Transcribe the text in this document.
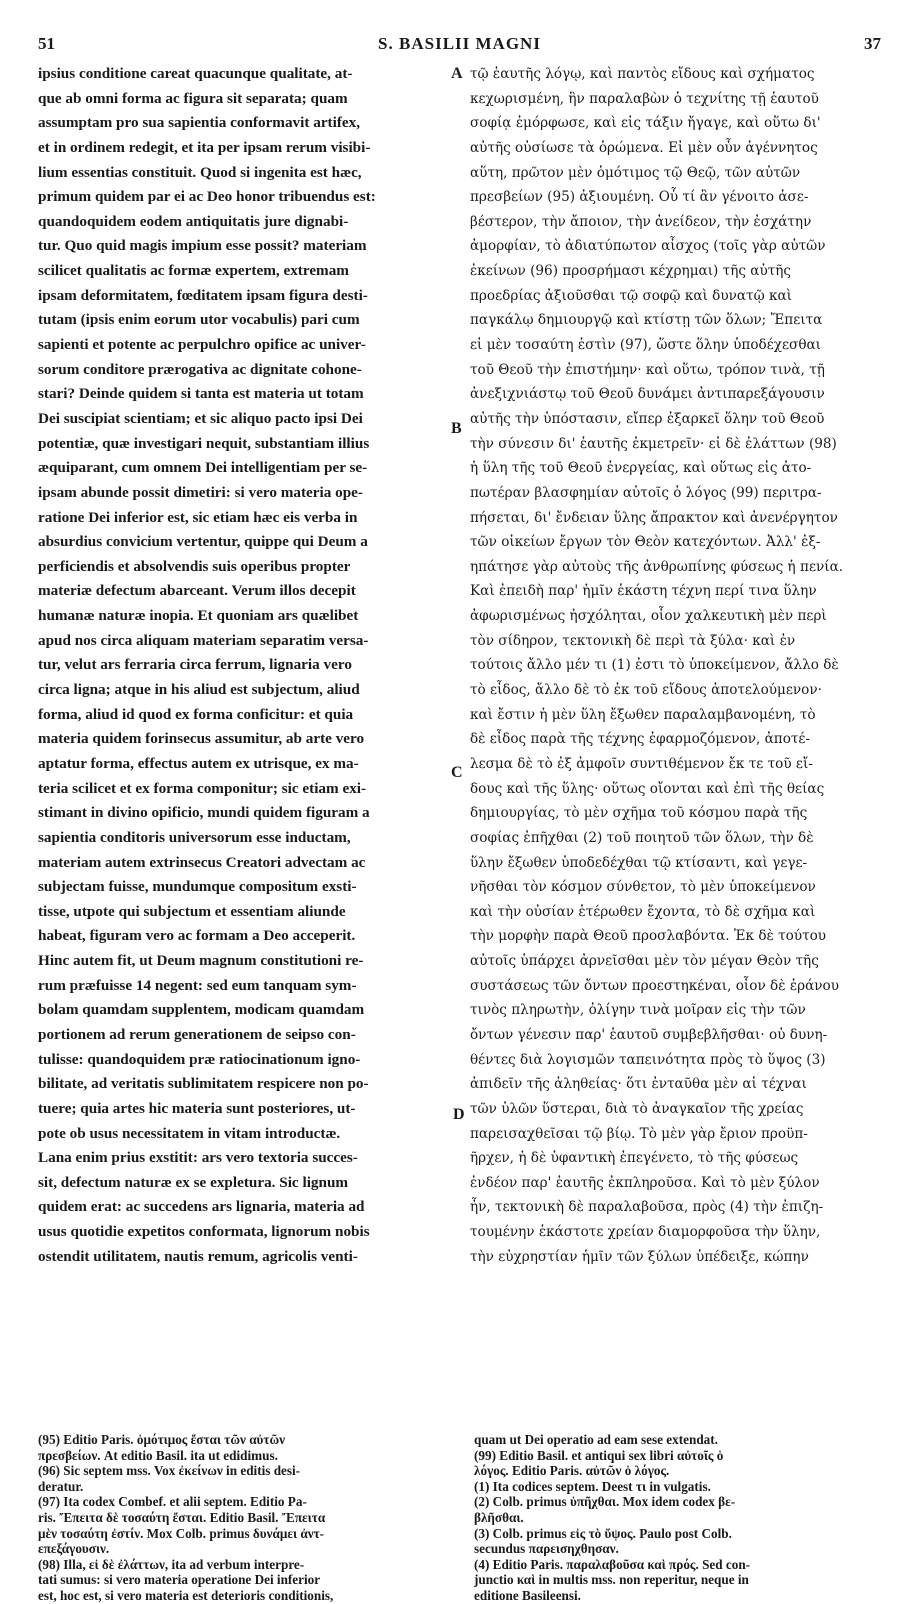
51	S. BASILII MAGNI	37
ipsius conditione careat quacunque qualitate, at-
que ab omni forma ac figura sit separata; quam
assumptam pro sua sapientia conformavit artifex,
et in ordinem redegit, et ita per ipsam rerum visibi-
lium essentias constituit. Quod si ingenita est hæc,
primum quidem par ei ac Deo honor tribuendus est:
quandoquidem eodem antiquitatis jure dignabi-
tur. Quo quid magis impium esse possit? materiam
scilicet qualitatis ac formæ expertem, extremam
ipsam deformitatem, fœditatem ipsam figura desti-
tutam (ipsis enim eorum utor vocabulis) pari cum
sapienti et potente ac perpulchro opifice ac univer-
sorum conditore prærogativa ac dignitate cohone-
stari? Deinde quidem si tanta est materia ut totam
Dei suscipiat scientiam; et sic aliquo pacto ipsi Dei
potentiæ, quæ investigari nequit, substantiam illius
æquiparant, cum omnem Dei intelligentiam per se-
ipsam abunde possit dimetiri: si vero materia ope-
ratione Dei inferior est, sic etiam hæc eis verba in
absurdius convicium vertentur, quippe qui Deum a
perficiendis et absolvendis suis operibus propter
materiæ defectum abarceant. Verum illos decepit
humanæ naturæ inopia. Et quoniam ars quælibet
apud nos circa aliquam materiam separatim versa-
tur, velut ars ferraria circa ferrum, lignaria vero
circa ligna; atque in his aliud est subjectum, aliud
forma, aliud id quod ex forma conficitur: et quia
materia quidem forinsecus assumitur, ab arte vero
aptatur forma, effectus autem ex utrisque, ex ma-
teria scilicet et ex forma componitur; sic etiam exi-
stimant in divino opificio, mundi quidem figuram a
sapientia conditoris universorum esse inductam,
materiam autem extrinsecus Creatori advectam ac
subjectam fuisse, mundumque compositum exsti-
tisse, utpote qui subjectum et essentiam aliunde
habeat, figuram vero ac formam a Deo acceperit.
Hinc autem fit, ut Deum magnum constitutioni re-
rum præfuisse 14 negent: sed eum tanquam sym-
bolam quamdam supplentem, modicam quamdam
portionem ad rerum generationem de seipso con-
tulisse: quandoquidem præ ratiocinationum igno-
bilitate, ad veritatis sublimitatem respicere non po-
tuere; quia artes hic materia sunt posteriores, ut-
pote ob usus necessitatem in vitam introductæ.
Lana enim prius exstitit: ars vero textoria succes-
sit, defectum naturæ ex se expletura. Sic lignum
quidem erat: ac succedens ars lignaria, materia ad
usus quotidie expetitos conformata, lignorum nobis
ostendit utilitatem, nautis remum, agricolis venti-
τῷ ἑαυτῆς λόγῳ, καὶ παντὸς εἴδους καὶ σχήματος
κεχωρισμένη, ἣν παραλαβὼν ὁ τεχνίτης τῇ ἑαυτοῦ
σοφίᾳ ἐμόρφωσε, καὶ εἰς τάξιν ἤγαγε, καὶ οὕτω δι'
αὐτῆς οὐσίωσε τὰ ὁρώμενα. Εἰ μὲν οὖν ἀγέννητος
αὕτη, πρῶτον μὲν ὁμότιμος τῷ Θεῷ, τῶν αὐτῶν
πρεσβείων (95) ἀξιουμένη. Οὗ τί ἂν γένοιτο ἀσε-
βέστερον, τὴν ἄποιον, τὴν ἀνείδεον, τὴν ἐσχάτην
ἀμορφίαν, τὸ ἀδιατύπωτον αἶσχος (τοῖς γὰρ αὐτῶν
ἐκείνων (96) προσρήμασι κέχρημαι) τῆς αὐτῆς
προεδρίας ἀξιοῦσθαι τῷ σοφῷ καὶ δυνατῷ καὶ
παγκάλῳ δημιουργῷ καὶ κτίστῃ τῶν ὅλων; Ἔπειτα
εἰ μὲν τοσαύτη ἐστὶν (97), ὥστε ὅλην ὑποδέχεσθαι
τοῦ Θεοῦ τὴν ἐπιστήμην· καὶ οὕτω, τρόπον τινὰ, τῇ
ἀνεξιχνιάστῳ τοῦ Θεοῦ δυνάμει ἀντιπαρεξάγουσιν
αὐτῆς τὴν ὑπόστασιν, εἴπερ ἐξαρκεῖ ὅλην τοῦ Θεοῦ
τὴν σύνεσιν δι' ἑαυτῆς ἐκμετρεῖν· εἰ δὲ ἐλάττων (98)
ἡ ὕλη τῆς τοῦ Θεοῦ ἐνεργείας, καὶ οὕτως εἰς ἀτο-
πωτέραν βλασφημίαν αὐτοῖς ὁ λόγος (99) περιτρα-
πήσεται, δι' ἔνδειαν ὕλης ἄπρακτον καὶ ἀνενέργητον
τῶν οἰκείων ἔργων τὸν Θεὸν κατεχόντων. Ἀλλ' ἐξ-
ηπάτησε γὰρ αὐτοὺς τῆς ἀνθρωπίνης φύσεως ἡ πενία.
Καὶ ἐπειδὴ παρ' ἡμῖν ἑκάστη τέχνη περί τινα ὕλην
ἀφωρισμένως ἠσχόληται, οἷον χαλκευτικὴ μὲν περὶ
τὸν σίδηρον, τεκτονικὴ δὲ περὶ τὰ ξύλα· καὶ ἐν
τούτοις ἄλλο μέν τι (1) ἐστι τὸ ὑποκείμενον, ἄλλο δὲ
τὸ εἶδος, ἄλλο δὲ τὸ ἐκ τοῦ εἴδους ἀποτελούμενον·
καὶ ἔστιν ἡ μὲν ὕλη ἔξωθεν παραλαμβανομένη, τὸ
δὲ εἶδος παρὰ τῆς τέχνης ἐφαρμοζόμενον, ἀποτέ-
λεσμα δὲ τὸ ἐξ ἀμφοῖν συντιθέμενον ἔκ τε τοῦ εἴ-
δους καὶ τῆς ὕλης· οὕτως οἴονται καὶ ἐπὶ τῆς θείας
δημιουργίας, τὸ μὲν σχῆμα τοῦ κόσμου παρὰ τῆς
σοφίας ἐπῆχθαι (2) τοῦ ποιητοῦ τῶν ὅλων, τὴν δὲ
ὕλην ἔξωθεν ὑποδεδέχθαι τῷ κτίσαντι, καὶ γεγε-
νῆσθαι τὸν κόσμον σύνθετον, τὸ μὲν ὑποκείμενον
καὶ τὴν οὐσίαν ἑτέρωθεν ἔχοντα, τὸ δὲ σχῆμα καὶ
τὴν μορφὴν παρὰ Θεοῦ προσλαβόντα. Ἐκ δὲ τούτου
αὐτοῖς ὑπάρχει ἀρνεῖσθαι μὲν τὸν μέγαν Θεὸν τῆς
συστάσεως τῶν ὄντων προεστηκέναι, οἷον δὲ ἐράνου
τινὸς πληρωτὴν, ὀλίγην τινὰ μοῖραν εἰς τὴν τῶν
ὄντων γένεσιν παρ' ἑαυτοῦ συμβεβλῆσθαι· οὐ δυνη-
θέντες διὰ λογισμῶν ταπεινότητα πρὸς τὸ ὕψος (3)
ἀπιδεῖν τῆς ἀληθείας· ὅτι ἐνταῦθα μὲν αἱ τέχναι
τῶν ὑλῶν ὕστεραι, διὰ τὸ ἀναγκαῖον τῆς χρείας
παρεισαχθεῖσαι τῷ βίῳ. Τὸ μὲν γὰρ ἔριον προϋπ-
ῆρχεν, ἡ δὲ ὑφαντικὴ ἐπεγένετο, τὸ τῆς φύσεως
ἐνδέον παρ' ἑαυτῆς ἐκπληροῦσα. Καὶ τὸ μὲν ξύλον
ἦν, τεκτονικὴ δὲ παραλαβοῦσα, πρὸς (4) τὴν ἐπιζη-
τουμένην ἑκάστοτε χρείαν διαμορφοῦσα τὴν ὕλην,
τὴν εὐχρηστίαν ἡμῖν τῶν ξύλων ὑπέδειξε, κώπην
A
B
C
D
(95) Editio Paris. ὁμότιμος ἔσται τῶν αὐτῶν
πρεσβείων. At editio Basil. ita ut edidimus.
(96) Sic septem mss. Vox ἐκείνων in editis desi-
deratur.
(97) Ita codex Combef. et alii septem. Editio Pa-
ris. Ἔπειτα δὲ τοσαύτη ἔσται. Editio Basil. Ἔπειτα
μὲν τοσαύτη ἐστίν. Mox Colb. primus δυνάμει ἀντ-
επεξάγουσιν.
(98) Illa, εἰ δὲ ἐλάττων, ita ad verbum interpre-
tati sumus: si vero materia operatione Dei inferior
est, hoc est, si vero materia est deterioris conditionis,
quam ut Dei operatio ad eam sese extendat.
(99) Editio Basil. et antiqui sex libri αὐτοῖς ὁ
λόγος. Editio Paris. αὐτῶν ὁ λόγος.
(1) Ita codices septem. Deest τι in vulgatis.
(2) Colb. primus ὑπῆχθαι. Mox idem codex βε-
βλῆσθαι.
(3) Colb. primus εἰς τὸ ὕψος. Paulo post Colb.
secundus παρεισηχθησαν.
(4) Editio Paris. παραλαβοῦσα καὶ πρός. Sed con-
junctio καὶ in multis mss. non reperitur, neque in
editione Basileensi.
